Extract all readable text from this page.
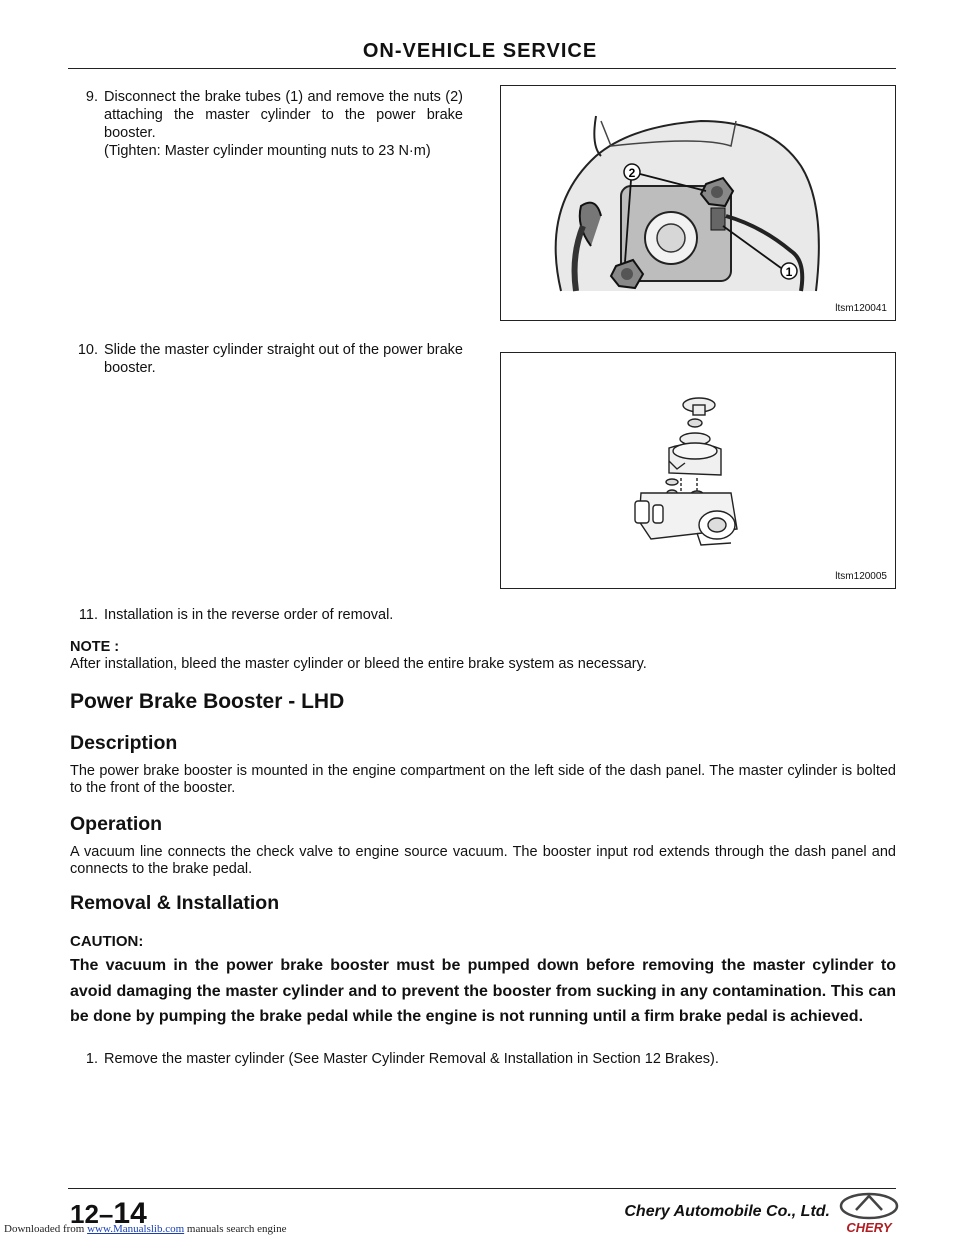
ON-VEHICLE SERVICE
9. Disconnect the brake tubes (1) and remove the nuts (2) attaching the master cylinder to the power brake booster.
(Tighten: Master cylinder mounting nuts to 23 N·m)
2
1
ltsm120041
10. Slide the master cylinder straight out of the power brake booster.
ltsm120005
11. Installation is in the reverse order of removal.
NOTE :
After installation, bleed the master cylinder or bleed the entire brake system as necessary.
Power Brake Booster - LHD
Description
The power brake booster is mounted in the engine compartment on the left side of the dash panel. The master cylinder is bolted to the front of the booster.
Operation
A vacuum line connects the check valve to engine source vacuum. The booster input rod extends through the dash panel and connects to the brake pedal.
Removal & Installation
CAUTION:
The vacuum in the power brake booster must be pumped down before removing the master cylinder to avoid damaging the master cylinder and to prevent the booster from sucking in any contamination. This can be done by pumping the brake pedal while the engine is not running until a firm brake pedal is achieved.
1. Remove the master cylinder (See Master Cylinder Removal & Installation in Section 12 Brakes).
12–14	Chery Automobile Co., Ltd.
CHERY
Downloaded from www.Manualslib.com manuals search engine
